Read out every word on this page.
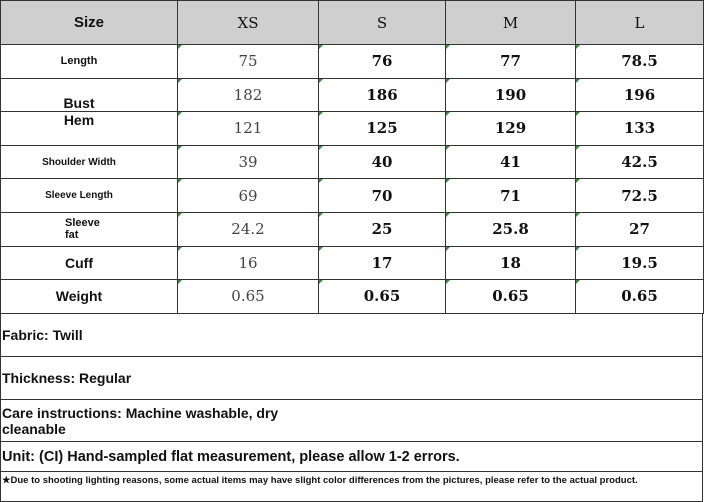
Size	XS	S	M	L
Length	75	76	77	78.5
Bust	182	186	190	196
Hem	121	125	129	133
Shoulder Width	39	40	41	42.5
Sleeve Length	69	70	71	72.5

Sleeve fat	24.2	25	25.8	27
Cuff	16	17	18	19.5
Weight	0.65	0.65	0.65	0.65
Fabric: Twill
Thickness: Regular
Care instructions: Machine washable, dry cleanable
Unit: (CI) Hand-sampled flat measurement, please allow 1-2 errors.
★Due to shooting lighting reasons, some actual items may have slight color differences from the pictures, please refer to the actual product.
